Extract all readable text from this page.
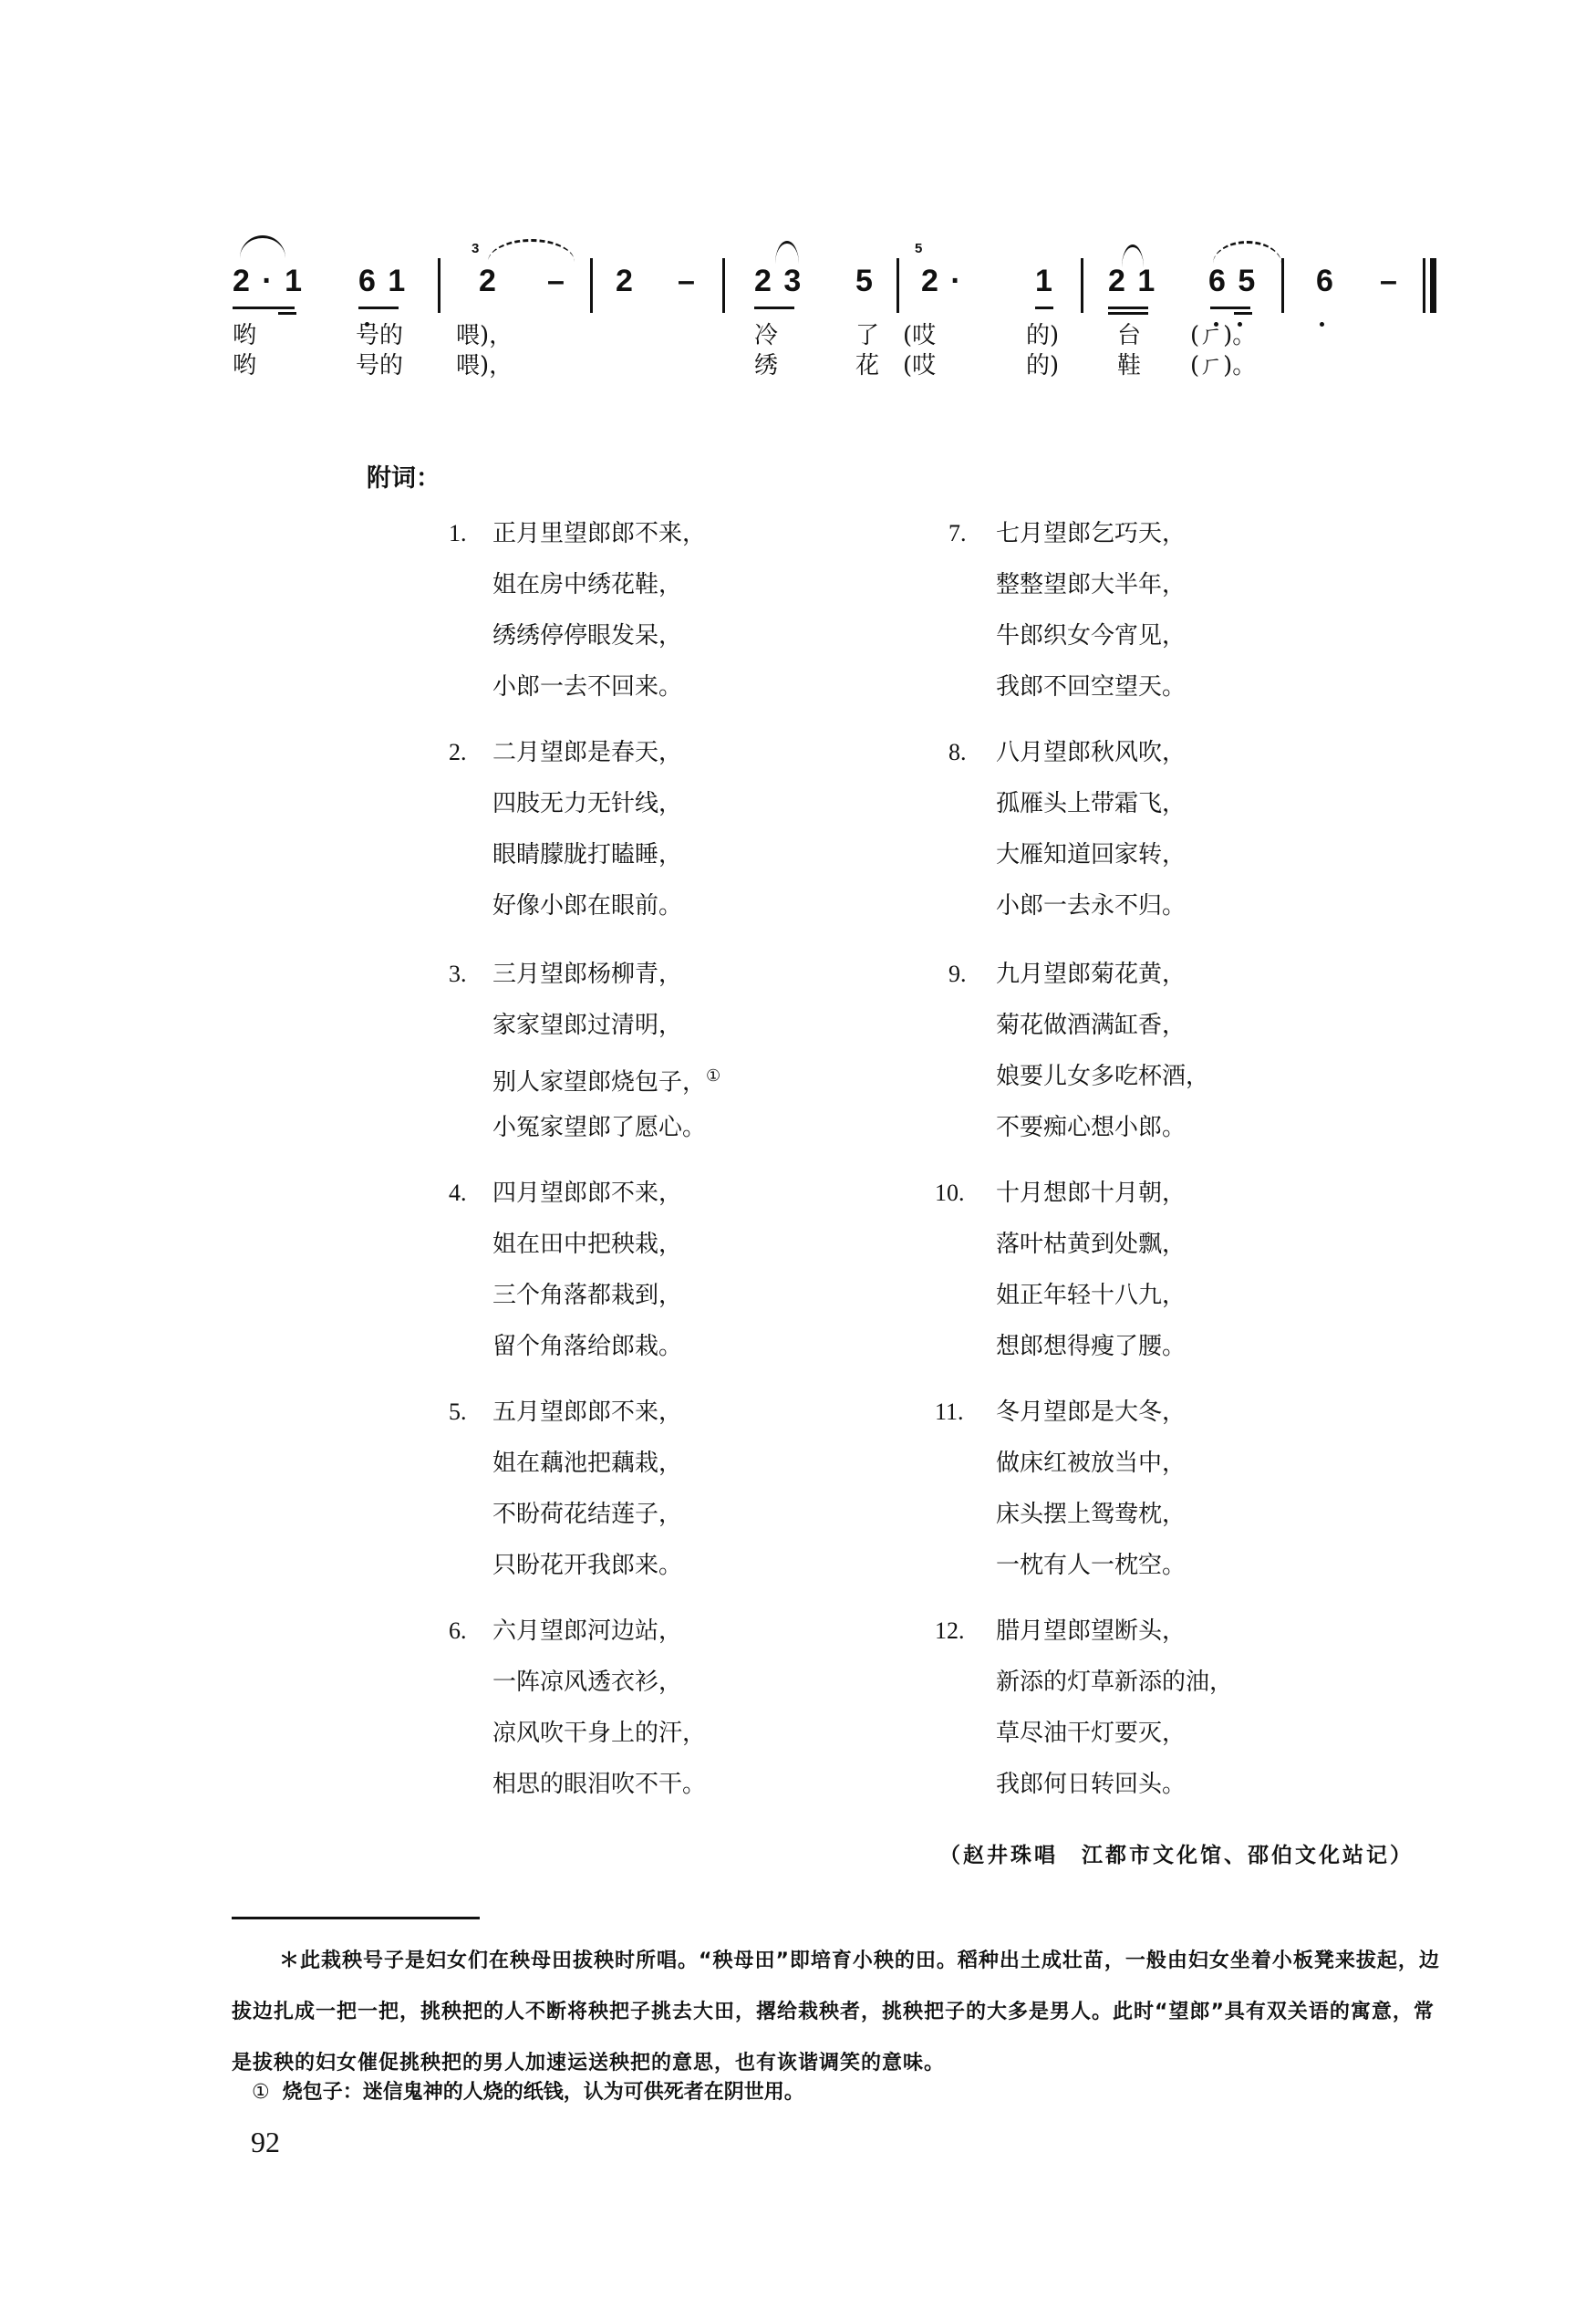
3	5
2 · 1 6 1 2 – 2 – 2 3 5 2 · 1 2 1 6 5 6 –
哟	号的 喂)，	冷	了 (哎	的) 台 (ㄏ)。
哟	号的 喂)，	绣	花 (哎	的) 鞋 (ㄏ)。
附词：
1. 正月里望郎郎不来，
姐在房中绣花鞋，
绣绣停停眼发呆，
小郎一去不回来。
2. 二月望郎是春天，
四肢无力无针线，
眼睛朦胧打瞌睡，
好像小郎在眼前。
3. 三月望郎杨柳青，
家家望郎过清明，
别人家望郎烧包子，①
小冤家望郎了愿心。
4. 四月望郎郎不来，
姐在田中把秧栽，
三个角落都栽到，
留个角落给郎栽。
5. 五月望郎郎不来，
姐在藕池把藕栽，
不盼荷花结莲子，
只盼花开我郎来。
6. 六月望郎河边站，
一阵凉风透衣衫，
凉风吹干身上的汗，
相思的眼泪吹不干。
7. 七月望郎乞巧天，
整整望郎大半年，
牛郎织女今宵见，
我郎不回空望天。
8. 八月望郎秋风吹，
孤雁头上带霜飞，
大雁知道回家转，
小郎一去永不归。
9. 九月望郎菊花黄，
菊花做酒满缸香，
娘要儿女多吃杯酒，
不要痴心想小郎。
10. 十月想郎十月朝，
落叶枯黄到处飘，
姐正年轻十八九，
想郎想得瘦了腰。
11. 冬月望郎是大冬，
做床红被放当中，
床头摆上鸳鸯枕，
一枕有人一枕空。
12. 腊月望郎望断头，
新添的灯草新添的油，
草尽油干灯要灭，
我郎何日转回头。
（赵井珠唱　江都市文化馆、邵伯文化站记）
＊此栽秧号子是妇女们在秧母田拔秧时所唱。“秧母田”即培育小秧的田。稻种出土成壮苗，一般由妇女坐着小板凳来拔起，边拔边扎成一把一把，挑秧把的人不断将秧把子挑去大田，撂给栽秧者，挑秧把子的大多是男人。此时“望郎”具有双关语的寓意，常是拔秧的妇女催促挑秧把的男人加速运送秧把的意思，也有诙谐调笑的意味。
① 烧包子：迷信鬼神的人烧的纸钱，认为可供死者在阴世用。
92
